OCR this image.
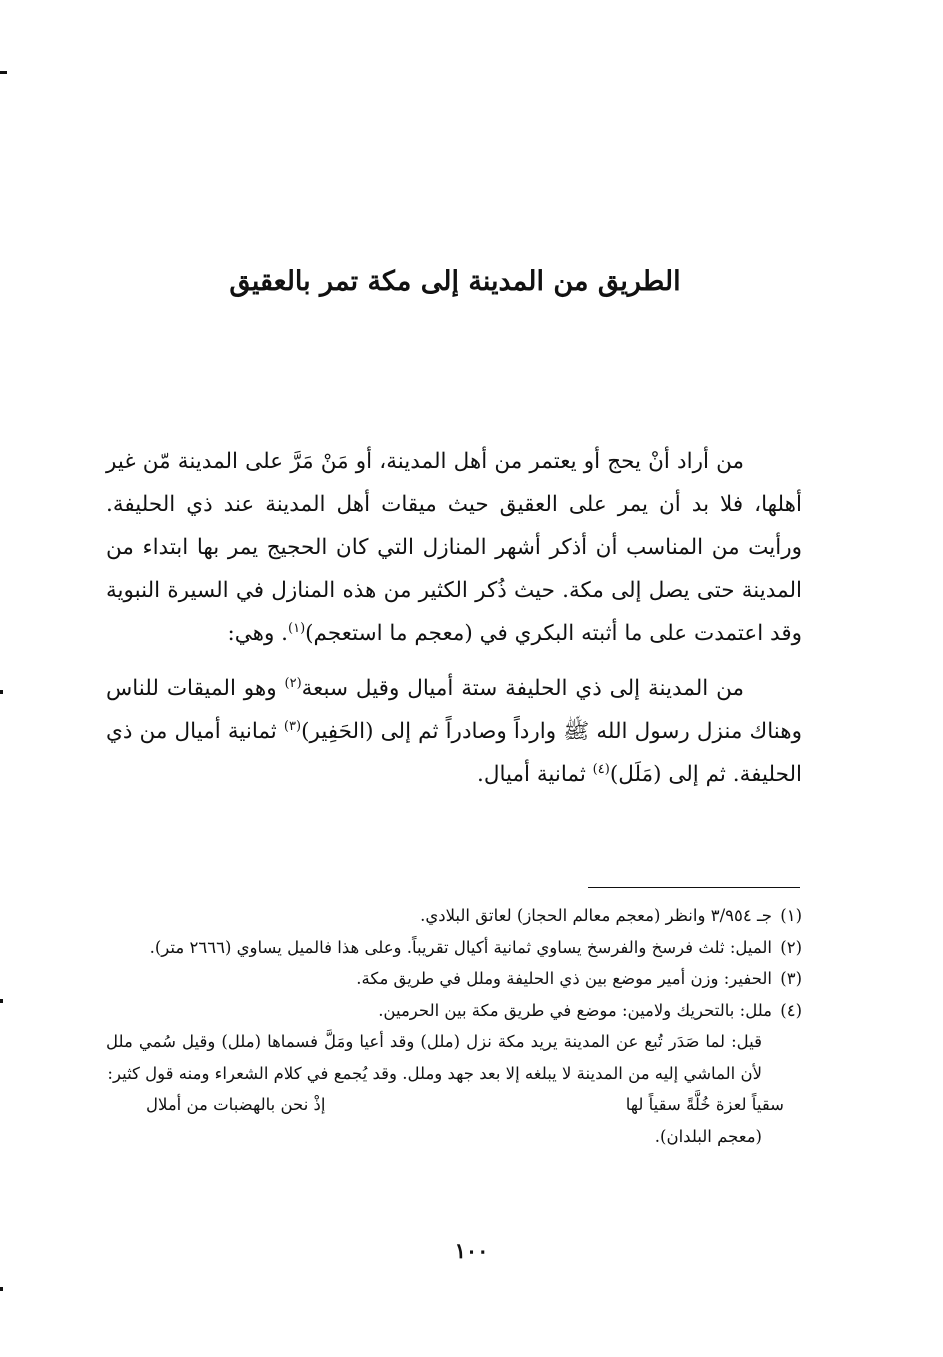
الطريق من المدينة إلى مكة تمر بالعقيق

من أراد أنْ يحج أو يعتمر من أهل المدينة، أو مَنْ مَرَّ على المدينة مّن غير أهلها، فلا بد أن يمر على العقيق حيث ميقات أهل المدينة عند ذي الحليفة. ورأيت من المناسب أن أذكر أشهر المنازل التي كان الحجيج يمر بها ابتداء من المدينة حتى يصل إلى مكة. حيث ذُكر الكثير من هذه المنازل في السيرة النبوية وقد اعتمدت على ما أثبته البكري في (معجم ما استعجم)$^{(١)}$. وهي:

من المدينة إلى ذي الحليفة ستة أميال وقيل سبعة$^{(٢)}$ وهو الميقات للناس وهناك منزل رسول الله ﷺ وارداً وصادراً ثم إلى (الحَفِير)$^{(٣)}$ ثمانية أميال من ذي الحليفة. ثم إلى (مَلَل)$^{(٤)}$ ثمانية أميال.

(١)
جـ ٣/٩٥٤ وانظر (معجم معالم الحجاز) لعاتق البلادي.
(٢)
الميل: ثلث فرسخ والفرسخ يساوي ثمانية أكيال تقريباً. وعلى هذا فالميل يساوي (٢٦٦٦ متر).
(٣)
الحفير: وزن أمير موضع بين ذي الحليفة وملل في طريق مكة.
(٤)
ملل: بالتحريك ولامين: موضع في طريق مكة بين الحرمين.
قيل: لما صَدَر تُبع عن المدينة يريد مكة نزل (ملل) وقد أعيا ومَلَّ فسماها (ملل) وقيل سُمي ملل لأن الماشي إليه من المدينة لا يبلغه إلا بعد جهد وملل. وقد يُجمع في كلام الشعراء ومنه قول كثير:
سقياً لعزة خُلَّةً سقياً لها
إذْ نحن بالهضبات من أملال
(معجم البلدان).
١٠٠
